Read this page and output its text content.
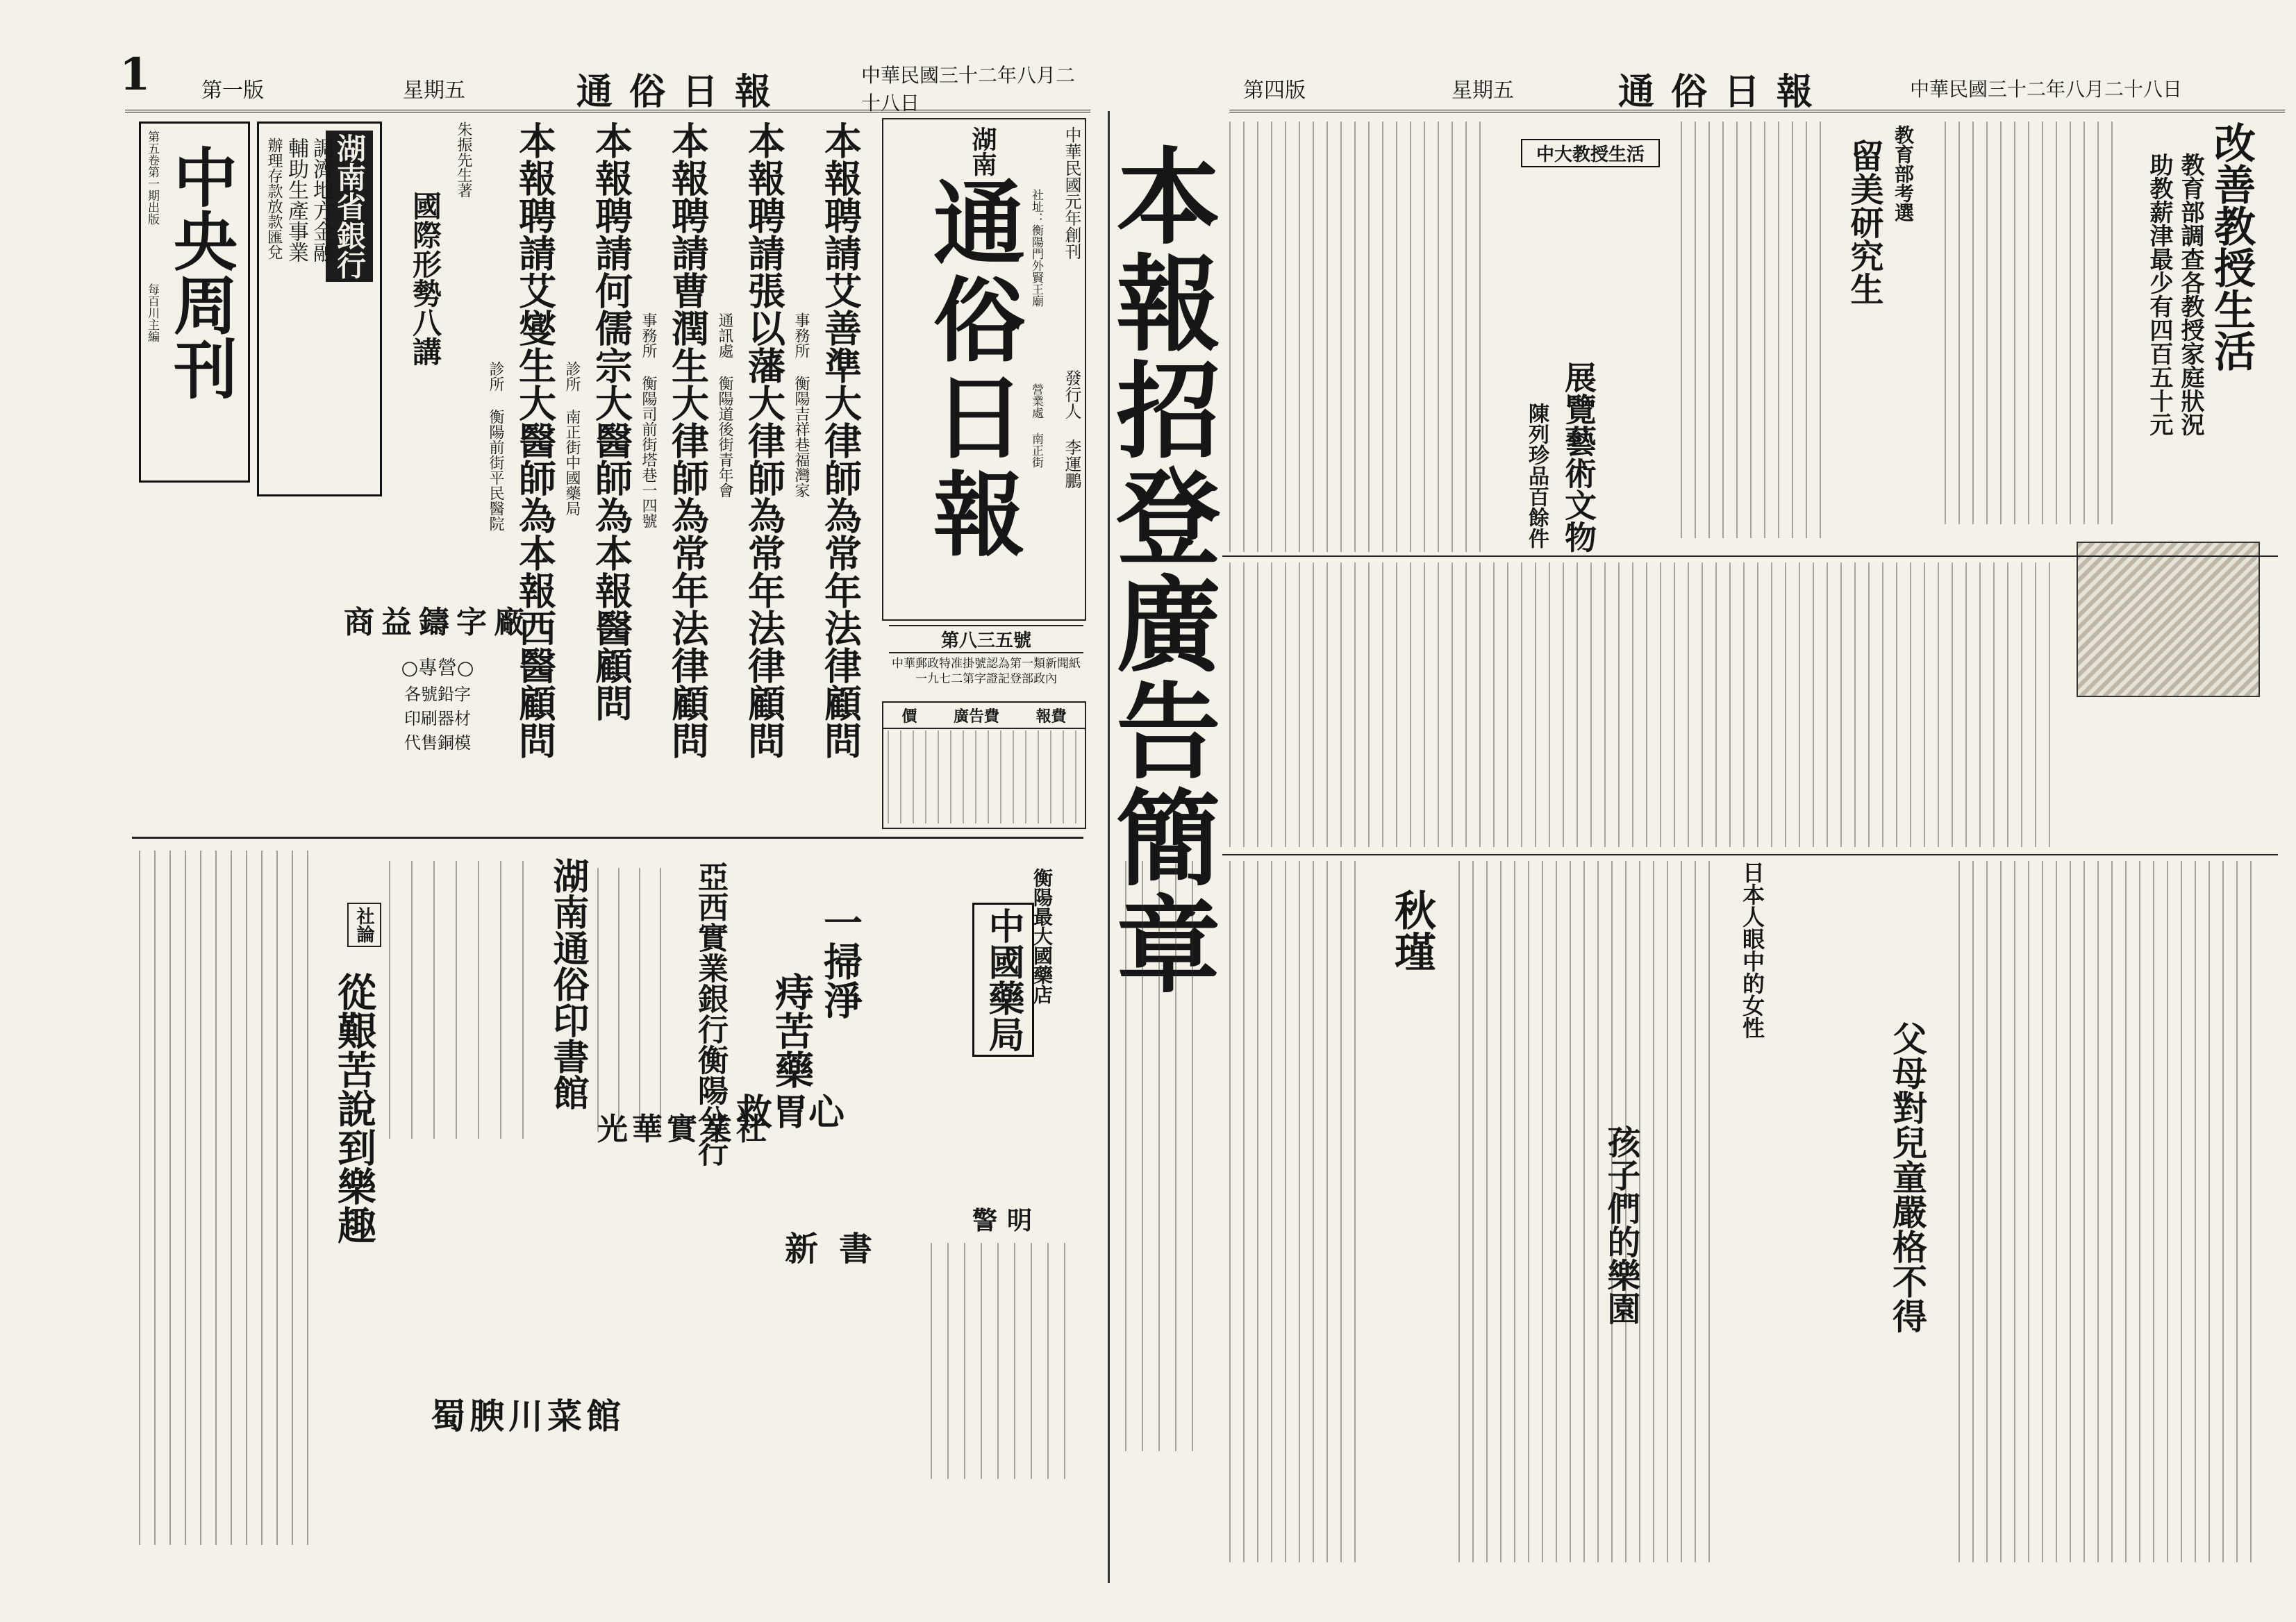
1 第一版	星期五	通俗日報	中華民國三十二年八月二十八日
中華民國元年創刊
發行人 李運鵬
湖南
通俗日報 社址：衡陽門外賢王廟
營業處 南正街
第八三五號
中華郵政特准掛號認為第一類新聞紙
一九七二第字證記登部政內
價 廣告費 報費
本報聘請艾善準大律師為常年法律顧問
事務所 衡陽吉祥巷福灣家
本報聘請張以藩大律師為常年法律顧問
通訊處 衡陽道後街青年會
本報聘請曹潤生大律師為常年法律顧問
事務所 衡陽司前街塔巷一四號
本報聘請何儒宗大醫師為本報醫顧問
診所 南正街中國藥局
本報聘請艾燮生大醫師為本報西醫顧問
診所 衡陽前街平民醫院
朱振先生著
國際形勢八講
湖南省銀行
調濟地方金融
輔助生產事業
辦理存款放款匯兌
中央周刊
第五卷第一期出版
每百川主編
商益鑄字廠
○專營○
各號鉛字
印刷器材
代售銅模
社論
從艱苦說到樂趣	湖南通俗印書館	亞西實業銀行衡陽分行 一掃淨
痔苦藥
救胃心
衡陽最大國藥店
中國藥局
警明
新書
光華實業社
蜀腴川菜館
本報招登廣告簡章
第四版	星期五	通俗日報	中華民國三十二年八月二十八日
改善教授生活
教育部調查各教授家庭狀況
助教薪津最少有四百五十元
教育部考選
留美研究生
中大教授生活
展覽藝術文物
陳列珍品百餘件
日本人眼中的女性
秋瑾
父母對兒童嚴格不得
孩子們的樂園
